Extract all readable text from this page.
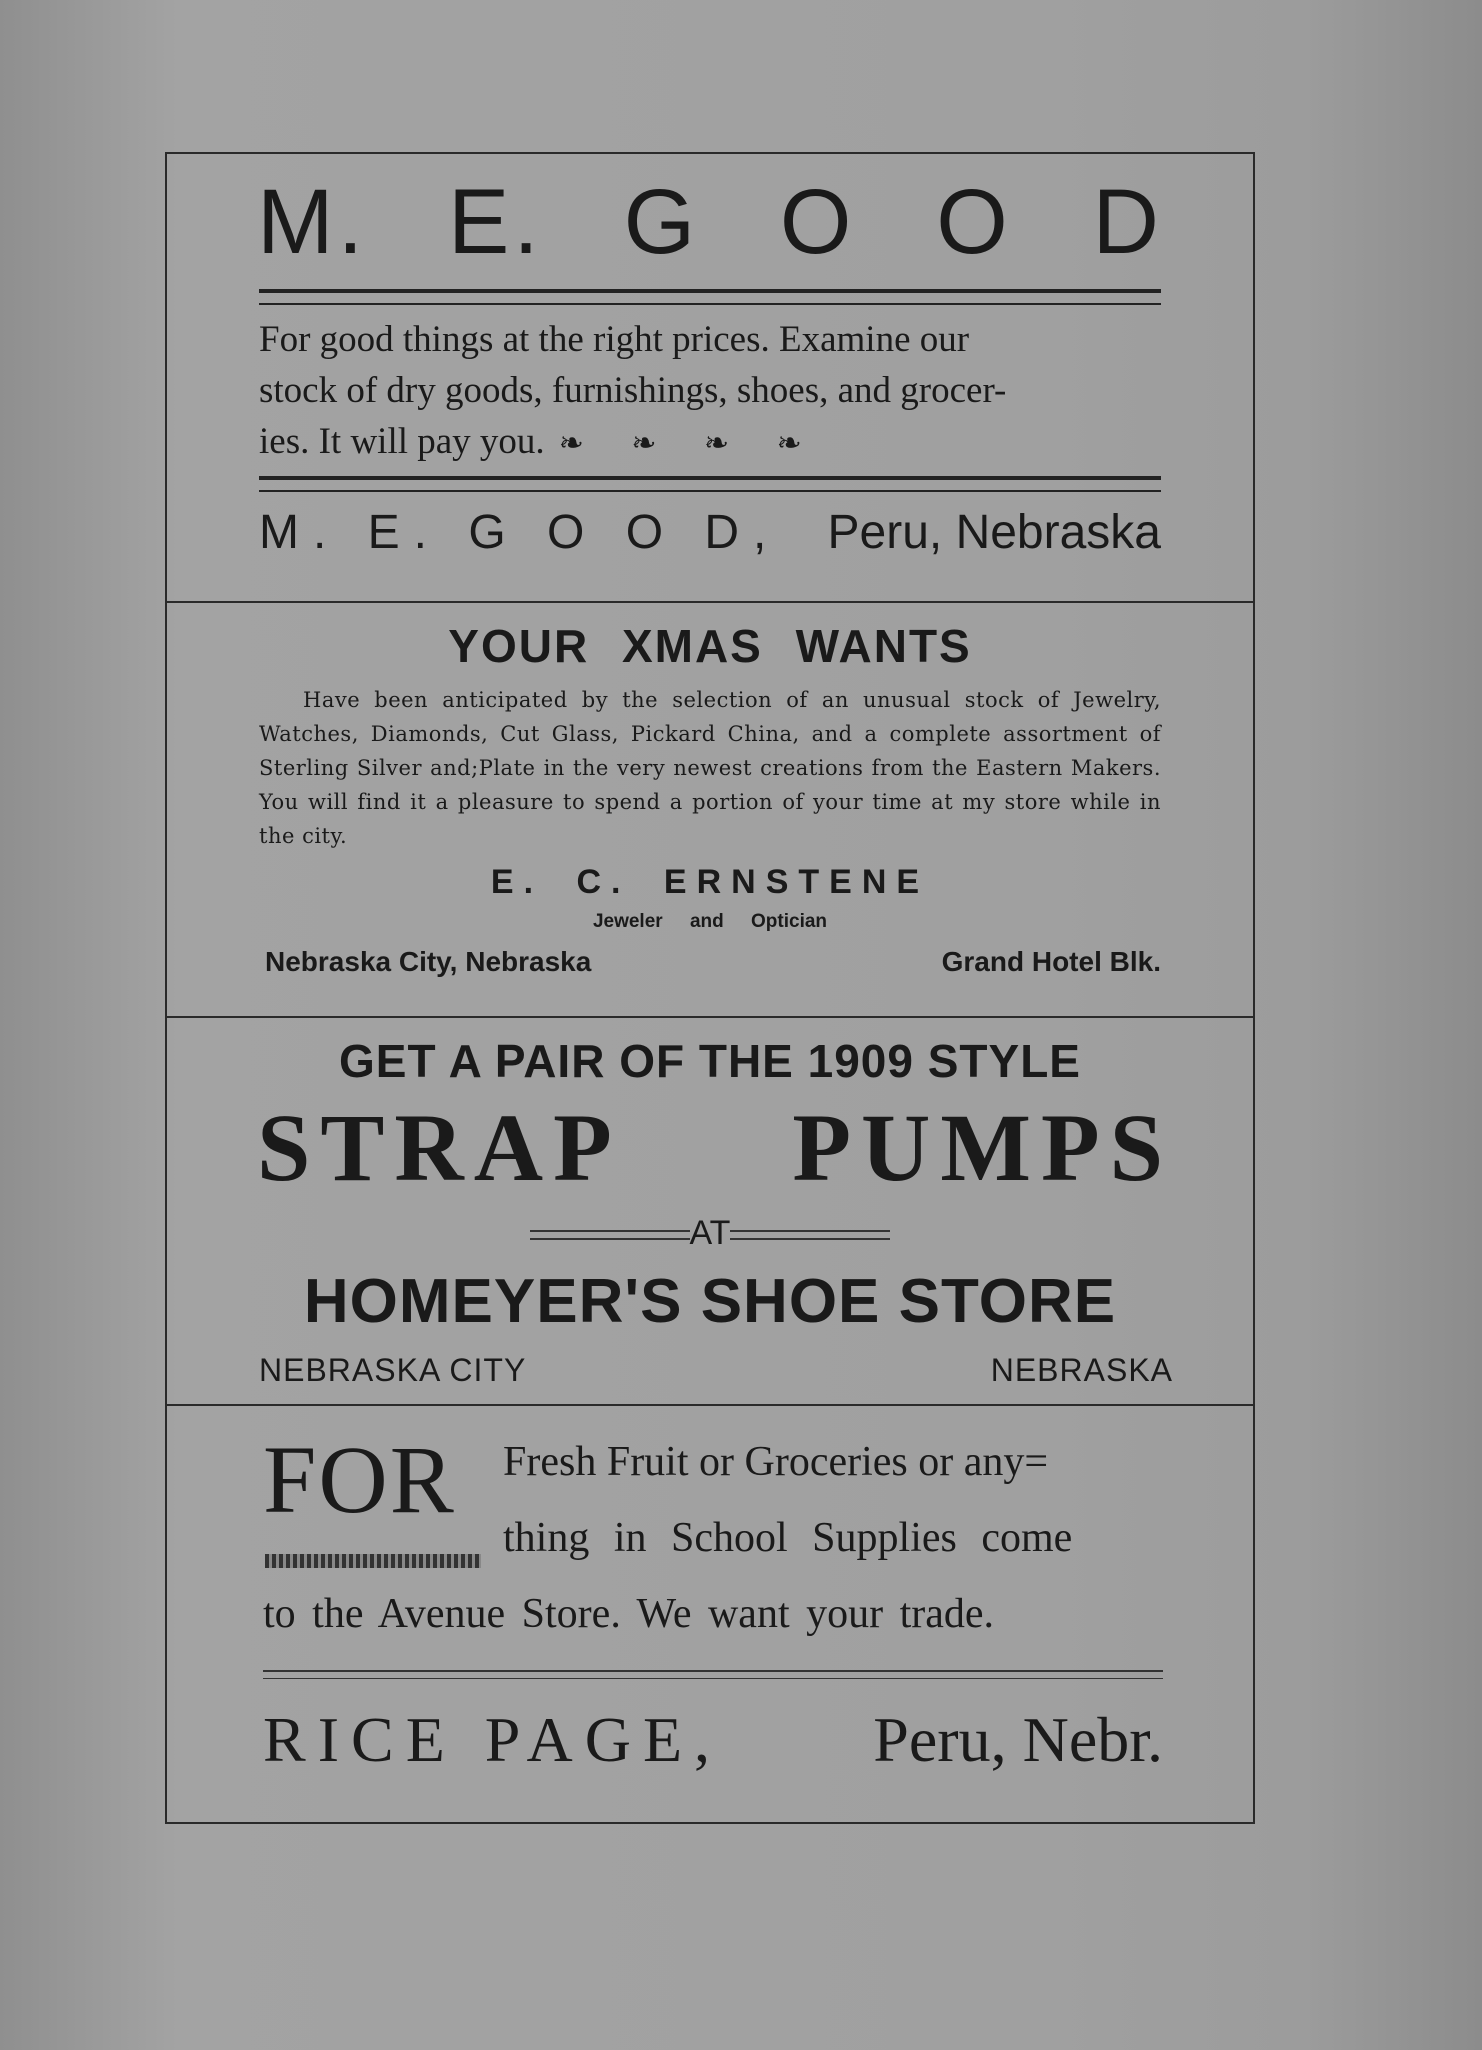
M. E. G O O D
For good things at the right prices. Examine our
stock of dry goods, furnishings, shoes, and grocer-
ies. It will pay you. ❧ ❧ ❧ ❧
M. E. G O O D, Peru, Nebraska
YOUR XMAS WANTS
Have been anticipated by the selection of an unusual stock of Jewelry, Watches, Diamonds, Cut Glass, Pickard China, and a complete assortment of Sterling Silver and;Plate in the very newest creations from the Eastern Makers. You will find it a pleasure to spend a portion of your time at my store while in the city.
E. C. ERNSTENE
Jeweler and Optician
Nebraska City, Nebraska	Grand Hotel Blk.
GET A PAIR OF THE 1909 STYLE
STRAP PUMPS
AT
HOMEYER'S SHOE STORE
NEBRASKA CITY	NEBRASKA
FOR Fresh Fruit or Groceries or any=
thing in School Supplies come
to the Avenue Store. We want your trade.
RICE PAGE, Peru, Nebr.
